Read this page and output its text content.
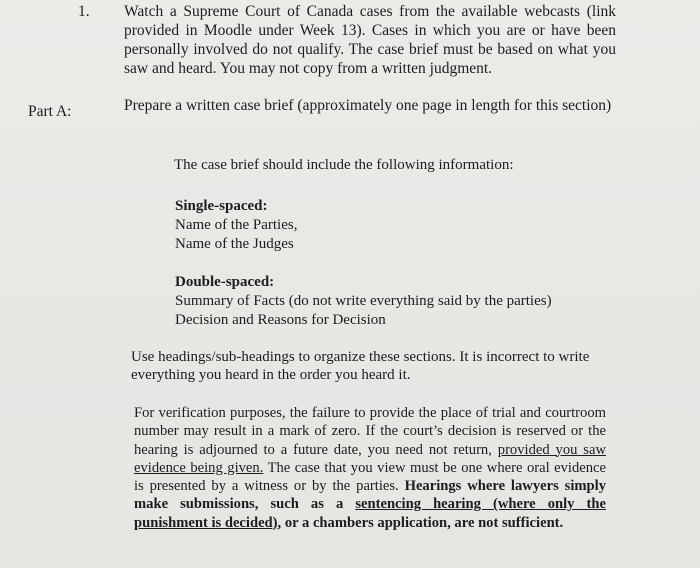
1. Watch a Supreme Court of Canada cases from the available webcasts (link provided in Moodle under Week 13). Cases in which you are or have been personally involved do not qualify. The case brief must be based on what you saw and heard. You may not copy from a written judgment.
Part A:	Prepare a written case brief (approximately one page in length for this section)
The case brief should include the following information:
Single-spaced:
Name of the Parties,
Name of the Judges
Double-spaced:
Summary of Facts (do not write everything said by the parties)
Decision and Reasons for Decision
Use headings/sub-headings to organize these sections. It is incorrect to write everything you heard in the order you heard it.
For verification purposes, the failure to provide the place of trial and courtroom number may result in a mark of zero. If the court’s decision is reserved or the hearing is adjourned to a future date, you need not return, provided you saw evidence being given. The case that you view must be one where oral evidence is presented by a witness or by the parties. Hearings where lawyers simply make submissions, such as a sentencing hearing (where only the punishment is decided), or a chambers application, are not sufficient.
